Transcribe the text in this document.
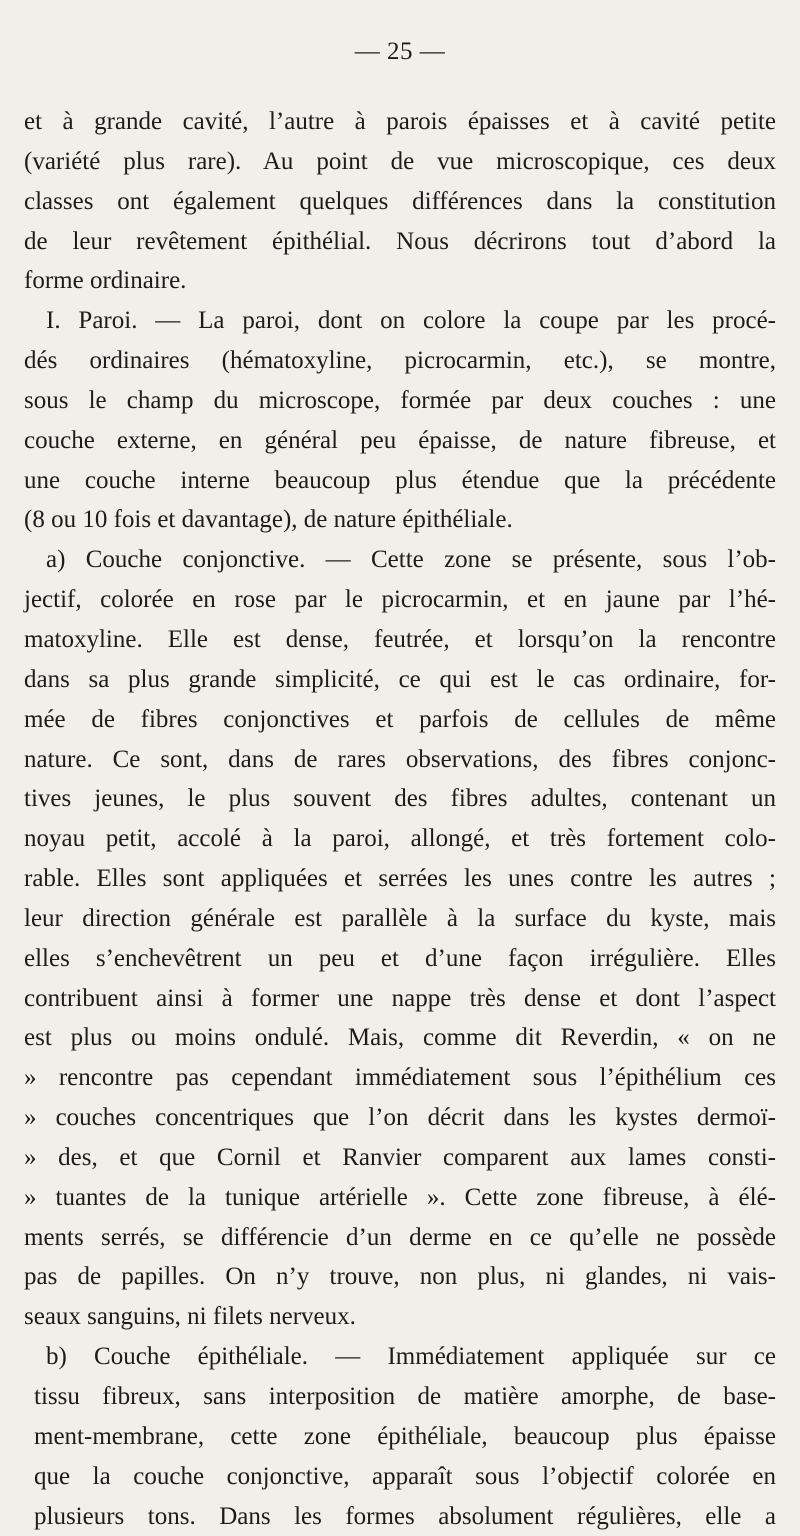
— 25 —
et à grande cavité, l’autre à parois épaisses et à cavité petite
(variété plus rare). Au point de vue microscopique, ces deux
classes ont également quelques différences dans la constitution
de leur revêtement épithélial. Nous décrirons tout d’abord la
forme ordinaire.
I. Paroi. — La paroi, dont on colore la coupe par les procé-
dés ordinaires (hématoxyline, picrocarmin, etc.), se montre,
sous le champ du microscope, formée par deux couches : une
couche externe, en général peu épaisse, de nature fibreuse, et
une couche interne beaucoup plus étendue que la précédente
(8 ou 10 fois et davantage), de nature épithéliale.
a) Couche conjonctive. — Cette zone se présente, sous l’ob-
jectif, colorée en rose par le picrocarmin, et en jaune par l’hé-
matoxyline. Elle est dense, feutrée, et lorsqu’on la rencontre
dans sa plus grande simplicité, ce qui est le cas ordinaire, for-
mée de fibres conjonctives et parfois de cellules de même
nature. Ce sont, dans de rares observations, des fibres conjonc-
tives jeunes, le plus souvent des fibres adultes, contenant un
noyau petit, accolé à la paroi, allongé, et très fortement colo-
rable. Elles sont appliquées et serrées les unes contre les autres ;
leur direction générale est parallèle à la surface du kyste, mais
elles s’enchevêtrent un peu et d’une façon irrégulière. Elles
contribuent ainsi à former une nappe très dense et dont l’aspect
est plus ou moins ondulé. Mais, comme dit Reverdin, « on ne
» rencontre pas cependant immédiatement sous l’épithélium ces
» couches concentriques que l’on décrit dans les kystes dermoï-
» des, et que Cornil et Ranvier comparent aux lames consti-
» tuantes de la tunique artérielle ». Cette zone fibreuse, à élé-
ments serrés, se différencie d’un derme en ce qu’elle ne possède
pas de papilles. On n’y trouve, non plus, ni glandes, ni vais-
seaux sanguins, ni filets nerveux.
b) Couche épithéliale. — Immédiatement appliquée sur ce
tissu fibreux, sans interposition de matière amorphe, de base-
ment-membrane, cette zone épithéliale, beaucoup plus épaisse
que la couche conjonctive, apparaît sous l’objectif colorée en
plusieurs tons. Dans les formes absolument régulières, elle a
